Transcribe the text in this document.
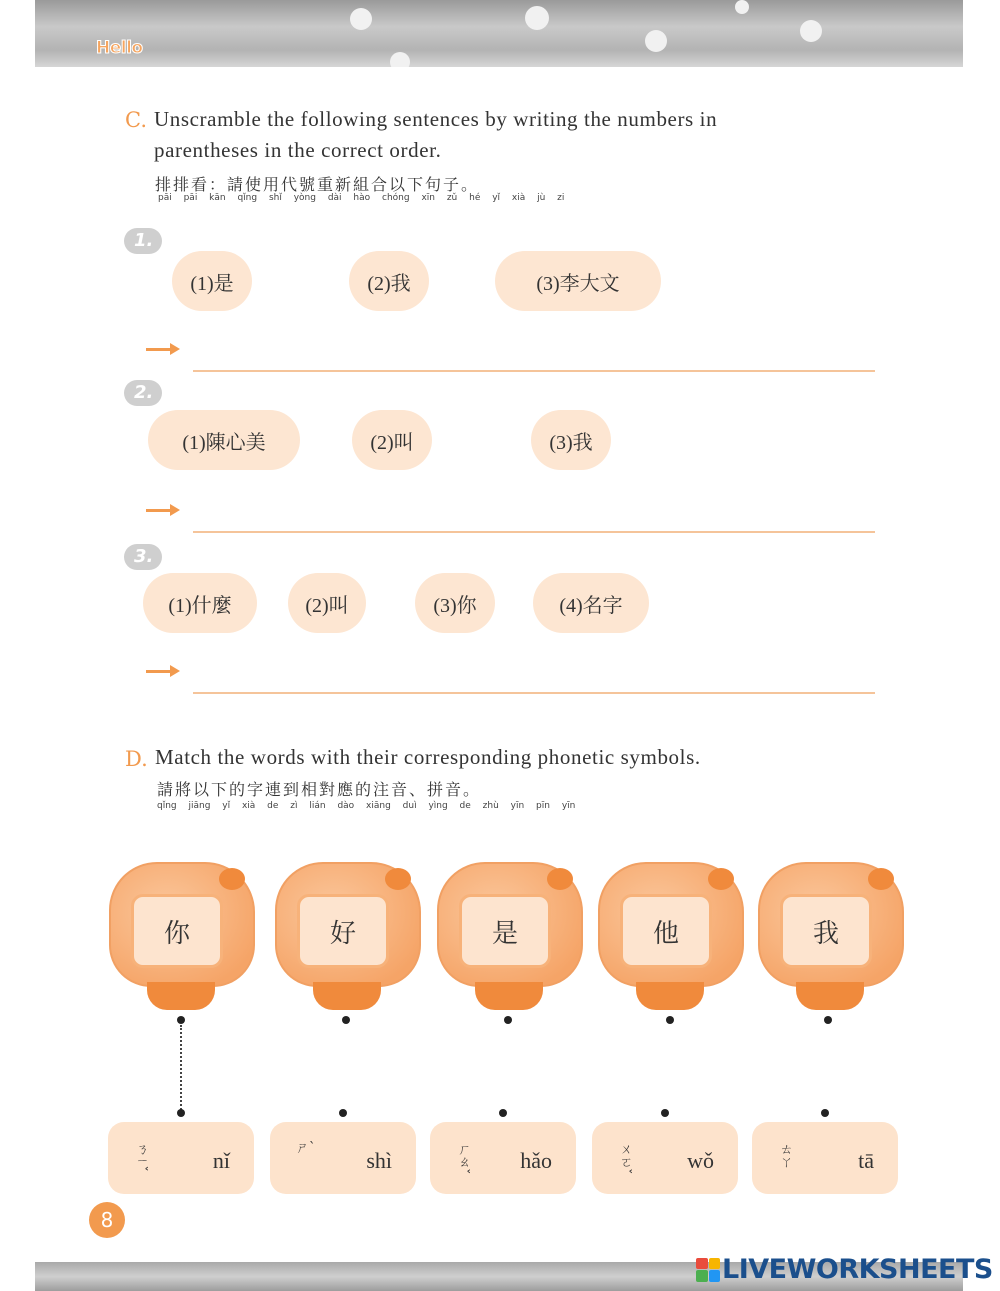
Hello
C. Unscramble the following sentences by writing the numbers in
parentheses in the correct order.
排排看：請使用代號重新組合以下句子。
pāi pāi kān qǐng shǐ yòng dài hào chóng xīn zǔ hé yǐ xià jù zi
1.
(1)是	(2)我	(3)李大文
2.
(1)陳心美	(2)叫	(3)我
3.
(1)什麼	(2)叫	(3)你	(4)名字
D. Match the words with their corresponding phonetic symbols.
請將以下的字連到相對應的注音、拼音。
qǐng jiāng yǐ xià de zì lián dào xiāng duì yìng de zhù yīn pīn yīn
你	好	是	他	我
ㄋㄧˇ	nǐ	ㄕˋ shì	ㄏㄠˇ hǎo	ㄨㄛˇ	wǒ	ㄊㄚ	tā
8
LIVEWORKSHEETS
